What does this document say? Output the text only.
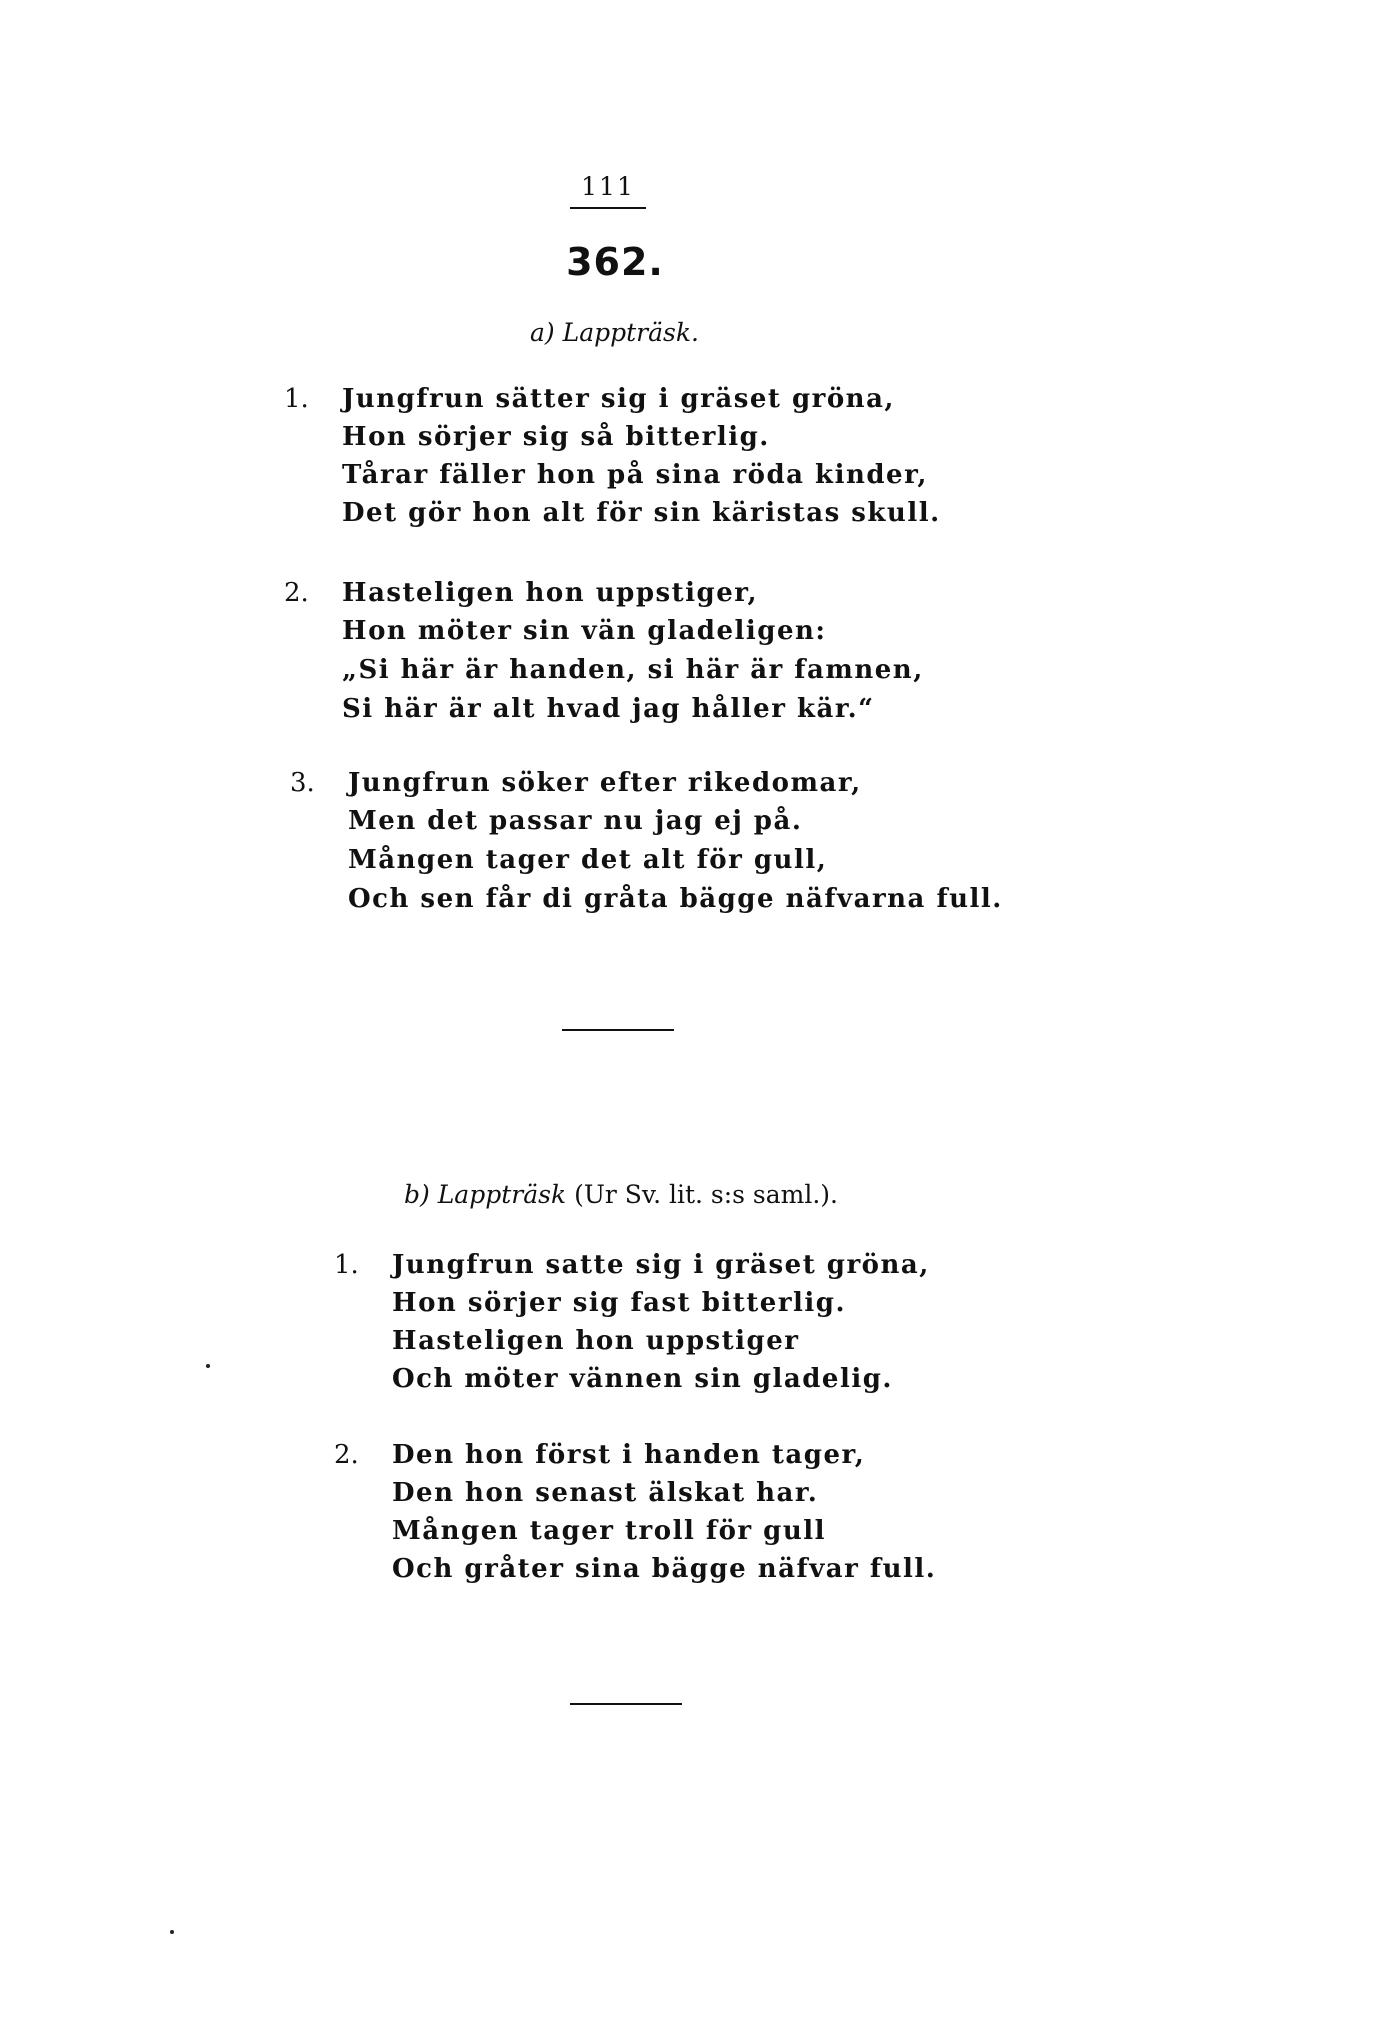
111
362.
a) Lappträsk.
1. Jungfrun sätter sig i gräset gröna,
Hon sörjer sig så bitterlig.
Tårar fäller hon på sina röda kinder,
Det gör hon alt för sin käristas skull.
2. Hasteligen hon uppstiger,
Hon möter sin vän gladeligen:
„Si här är handen, si här är famnen,
Si här är alt hvad jag håller kär.“
3. Jungfrun söker efter rikedomar,
Men det passar nu jag ej på.
Mången tager det alt för gull,
Och sen får di gråta bägge näfvarna full.
b) Lappträsk (Ur Sv. lit. s:s saml.).
1. Jungfrun satte sig i gräset gröna,
Hon sörjer sig fast bitterlig.
Hasteligen hon uppstiger
Och möter vännen sin gladelig.
2. Den hon först i handen tager,
Den hon senast älskat har.
Mången tager troll för gull
Och gråter sina bägge näfvar full.
